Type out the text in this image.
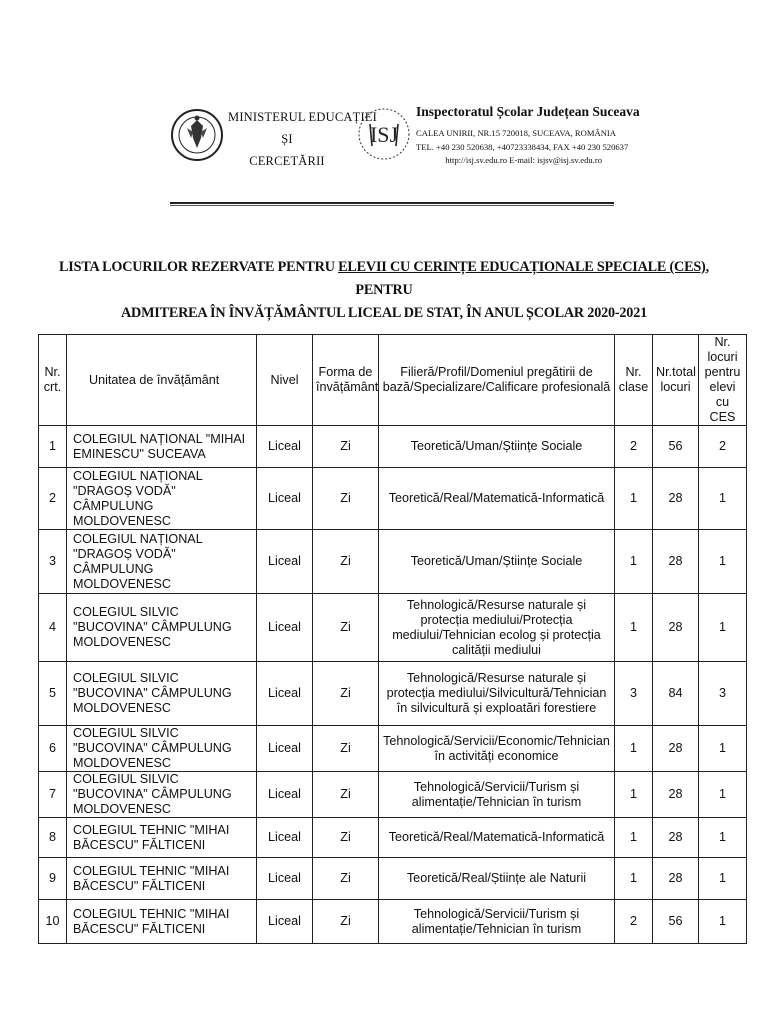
MINISTERUL EDUCAȚIEI
ȘI
CERCETĂRII
ISJ
Inspectoratul Școlar Județean Suceava
CALEA UNIRII, NR.15 720018, SUCEAVA, ROMÂNIA
TEL. +40 230 520638, +40723338434, FAX +40 230 520637
http://isj.sv.edu.ro E-mail: isjsv@isj.sv.edu.ro
LISTA LOCURILOR REZERVATE PENTRU ELEVII CU CERINȚE EDUCAȚIONALE SPECIALE (CES), PENTRU
ADMITEREA ÎN ÎNVĂȚĂMÂNTUL LICEAL DE STAT, ÎN ANUL ȘCOLAR 2020-2021
Nr. crt.	Unitatea de învățământ	Nivel	Forma de învățământ	Filieră/Profil/Domeniul pregătirii de bază/Specializare/Calificare profesională	Nr. clase	Nr.total locuri	Nr. locuri pentru elevi cu CES
1	COLEGIUL NAȚIONAL "MIHAI EMINESCU" SUCEAVA	Liceal	Zi	Teoretică/Uman/Științe Sociale	2	56	2
2	COLEGIUL NAȚIONAL "DRAGOȘ VODĂ" CÂMPULUNG MOLDOVENESC	Liceal	Zi	Teoretică/Real/Matematică-Informatică	1	28	1
3	COLEGIUL NAȚIONAL "DRAGOȘ VODĂ" CÂMPULUNG MOLDOVENESC	Liceal	Zi	Teoretică/Uman/Științe Sociale	1	28	1
4	COLEGIUL SILVIC "BUCOVINA" CÂMPULUNG MOLDOVENESC	Liceal	Zi	Tehnologică/Resurse naturale și protecția mediului/Protecția mediului/Tehnician ecolog și protecția calității mediului	1	28	1
5	COLEGIUL SILVIC "BUCOVINA" CÂMPULUNG MOLDOVENESC	Liceal	Zi	Tehnologică/Resurse naturale și protecția mediului/Silvicultură/Tehnician în silvicultură și exploatări forestiere	3	84	3
6	COLEGIUL SILVIC "BUCOVINA" CÂMPULUNG MOLDOVENESC	Liceal	Zi	Tehnologică/Servicii/Economic/Tehnician în activități economice	1	28	1
7	COLEGIUL SILVIC "BUCOVINA" CÂMPULUNG MOLDOVENESC	Liceal	Zi	Tehnologică/Servicii/Turism și alimentație/Tehnician în turism	1	28	1
8	COLEGIUL TEHNIC "MIHAI BĂCESCU" FĂLTICENI	Liceal	Zi	Teoretică/Real/Matematică-Informatică	1	28	1
9	COLEGIUL TEHNIC "MIHAI BĂCESCU" FĂLTICENI	Liceal	Zi	Teoretică/Real/Științe ale Naturii	1	28	1
10	COLEGIUL TEHNIC "MIHAI BĂCESCU" FĂLTICENI	Liceal	Zi	Tehnologică/Servicii/Turism și alimentație/Tehnician în turism	2	56	1
